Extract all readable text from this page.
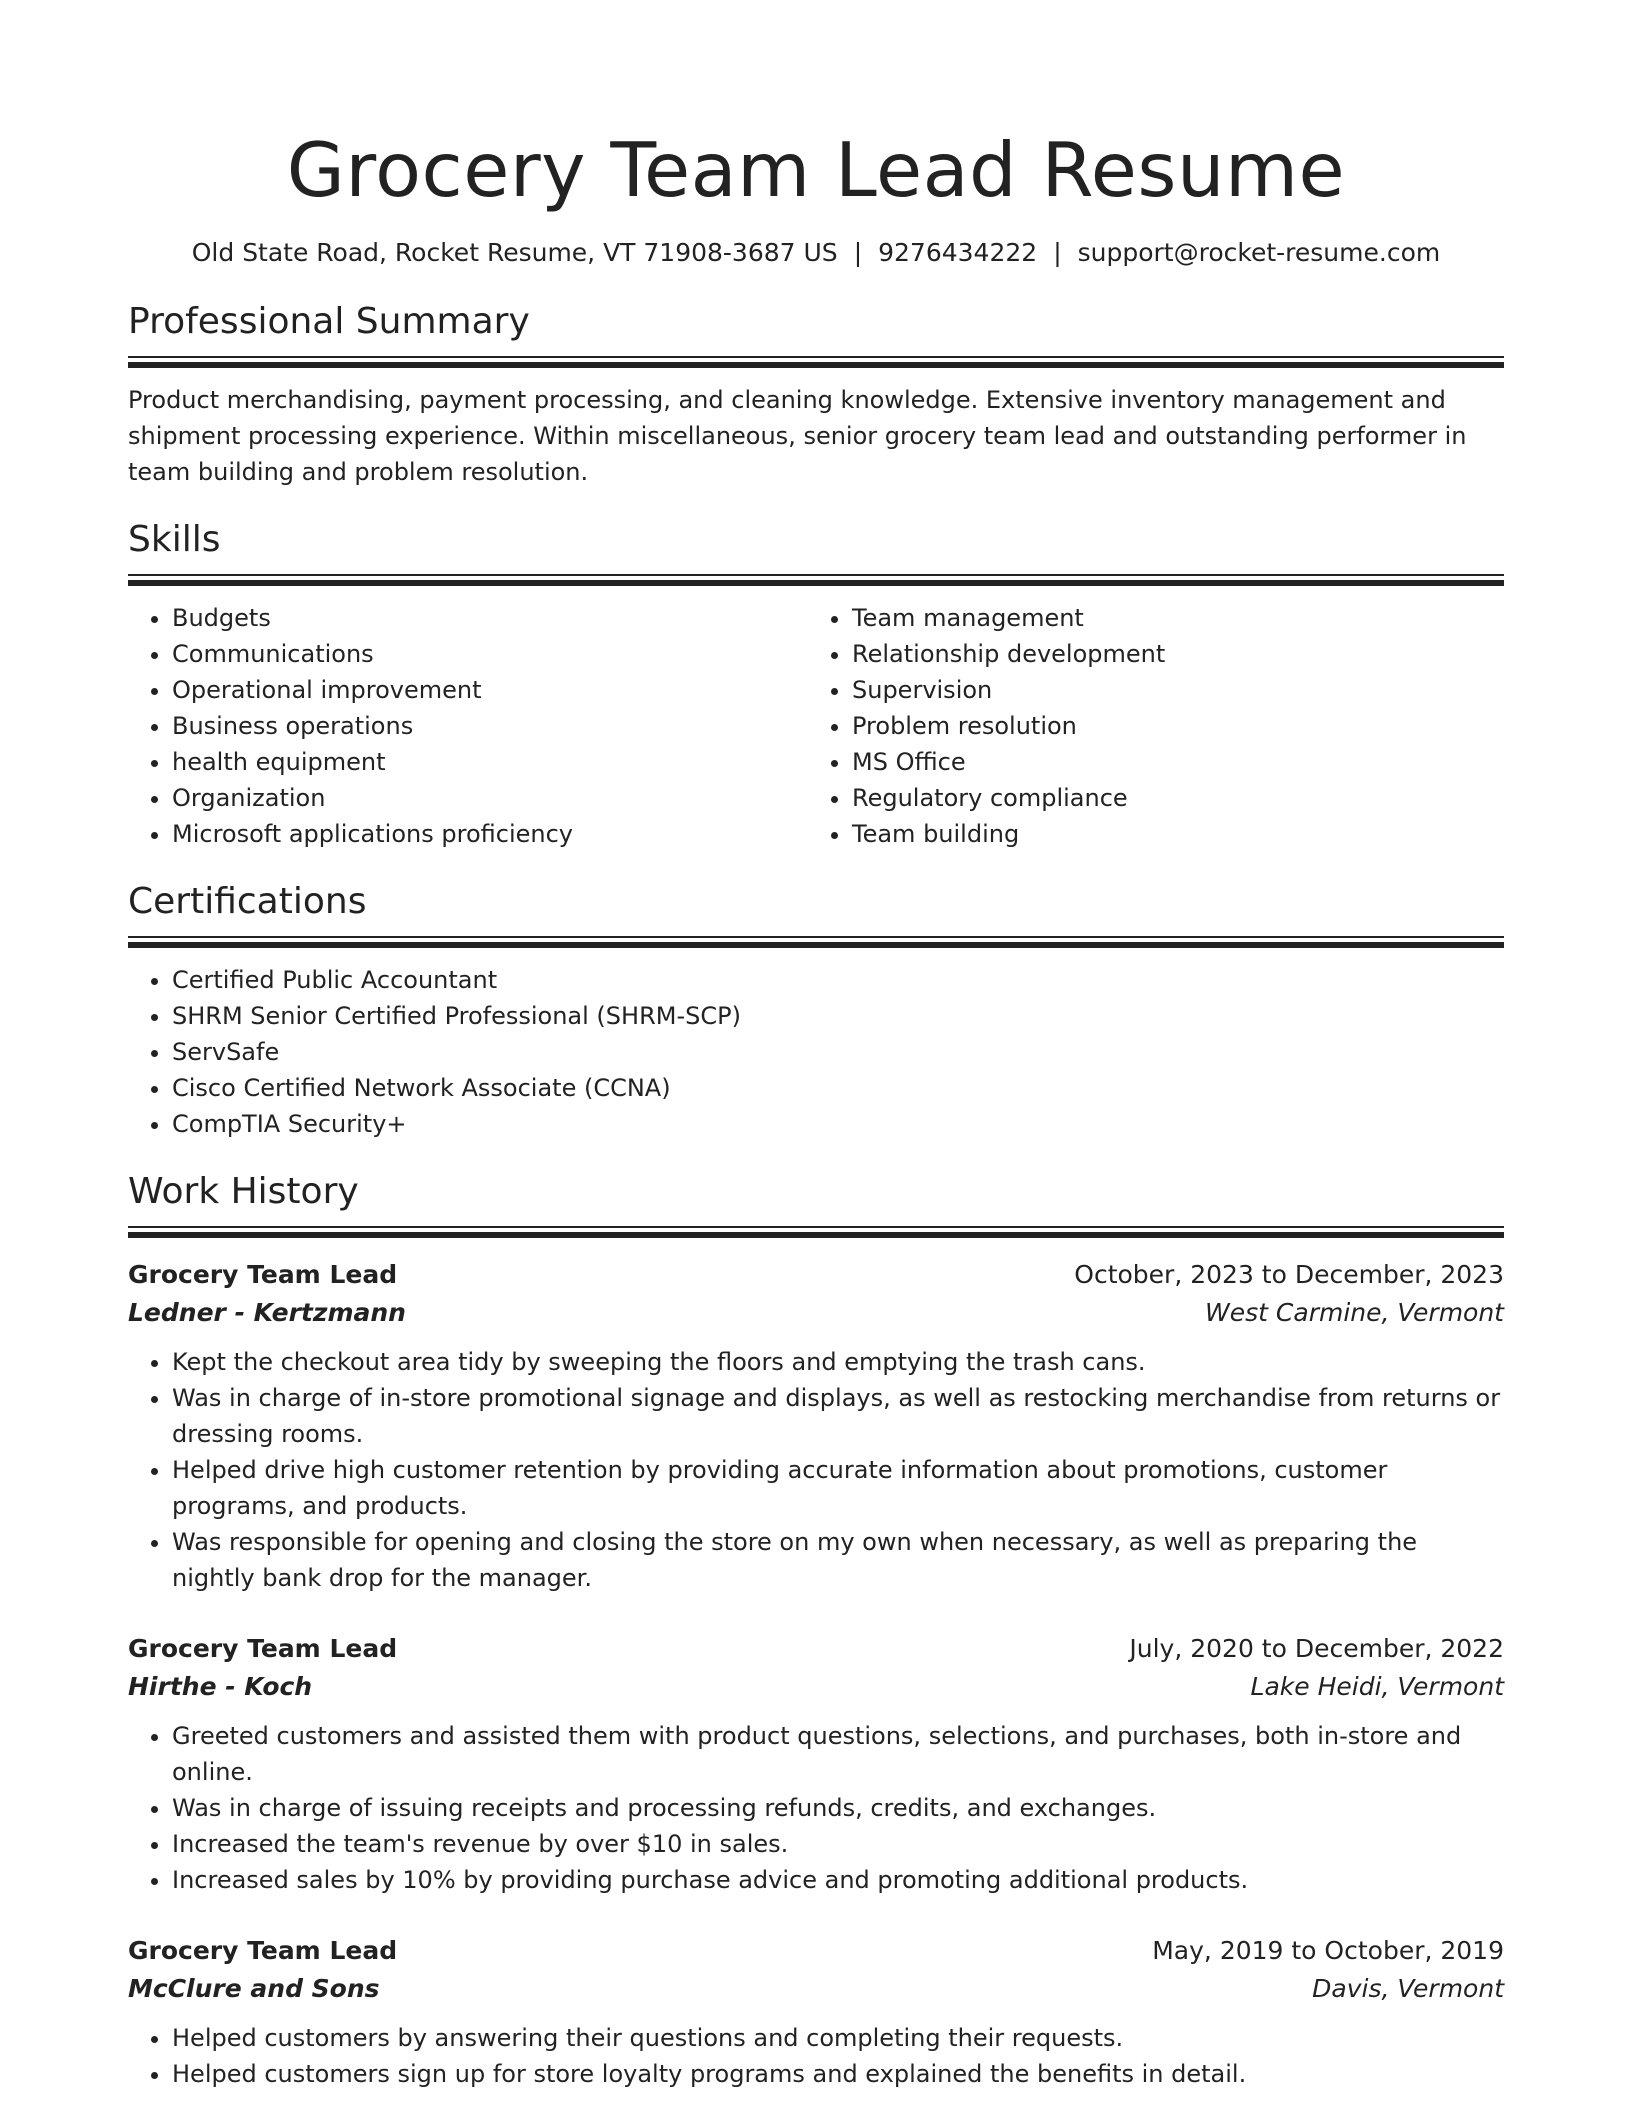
Grocery Team Lead Resume
Old State Road, Rocket Resume, VT 71908-3687 US | 9276434222 | support@rocket-resume.com
Professional Summary
Product merchandising, payment processing, and cleaning knowledge. Extensive inventory management and shipment processing experience. Within miscellaneous, senior grocery team lead and outstanding performer in team building and problem resolution.
Skills
• Budgets
• Communications
• Operational improvement
• Business operations
• health equipment
• Organization
• Microsoft applications proficiency
• Team management
• Relationship development
• Supervision
• Problem resolution
• MS Office
• Regulatory compliance
• Team building
Certifications
• Certified Public Accountant
• SHRM Senior Certified Professional (SHRM-SCP)
• ServSafe
• Cisco Certified Network Associate (CCNA)
• CompTIA Security+
Work History
Grocery Team Lead	October, 2023 to December, 2023
Ledner - Kertzmann	West Carmine, Vermont
• Kept the checkout area tidy by sweeping the floors and emptying the trash cans.
• Was in charge of in-store promotional signage and displays, as well as restocking merchandise from returns or dressing rooms.
• Helped drive high customer retention by providing accurate information about promotions, customer programs, and products.
• Was responsible for opening and closing the store on my own when necessary, as well as preparing the nightly bank drop for the manager.
Grocery Team Lead	July, 2020 to December, 2022
Hirthe - Koch	Lake Heidi, Vermont
• Greeted customers and assisted them with product questions, selections, and purchases, both in-store and online.
• Was in charge of issuing receipts and processing refunds, credits, and exchanges.
• Increased the team's revenue by over $10 in sales.
• Increased sales by 10% by providing purchase advice and promoting additional products.
Grocery Team Lead	May, 2019 to October, 2019
McClure and Sons	Davis, Vermont
• Helped customers by answering their questions and completing their requests.
• Helped customers sign up for store loyalty programs and explained the benefits in detail.
